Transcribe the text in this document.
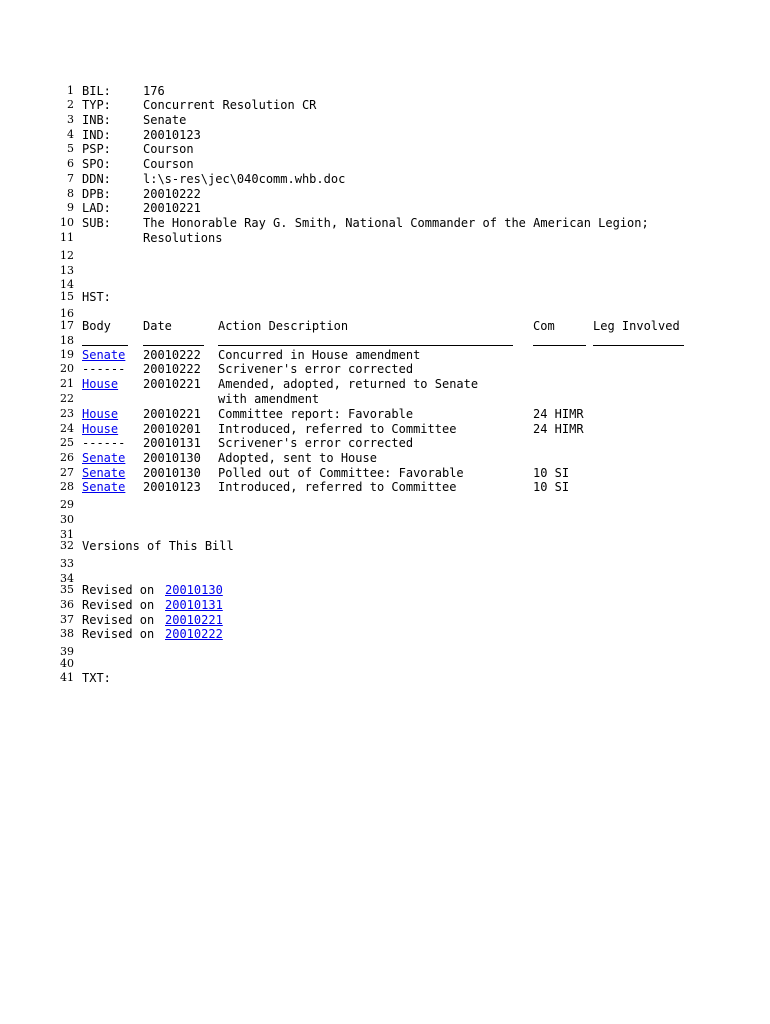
1
2
3
4
5
6
7
8
9
10
11
12
13
14
15
16
17
18
19
20
21
22
23
24
25
26
27
28
29
30
31
32
33
34
35
36
37
38
39
40
41
BIL:	176
TYP:	Concurrent Resolution CR
INB:	Senate
IND:	20010123
PSP:	Courson
SPO:	Courson
DDN:	l:\s-res\jec\040comm.whb.doc
DPB:	20010222
LAD:	20010221
SUB:	The Honorable Ray G. Smith, National Commander of the American Legion;
Resolutions
HST:
Body	Date	Action Description	Com	Leg Involved
Senate 20010222 Concurred in House amendment
------ 20010222 Scrivener's error corrected
House 20010221 Amended, adopted, returned to Senate
with amendment
House 20010221 Committee report: Favorable	24 HIMR
House 20010201 Introduced, referred to Committee	24 HIMR
------ 20010131 Scrivener's error corrected
Senate 20010130 Adopted, sent to House
Senate 20010130 Polled out of Committee: Favorable	10 SI
Senate 20010123 Introduced, referred to Committee	10 SI
Versions of This Bill
Revised on 20010130
Revised on 20010131
Revised on 20010221
Revised on 20010222
TXT:
